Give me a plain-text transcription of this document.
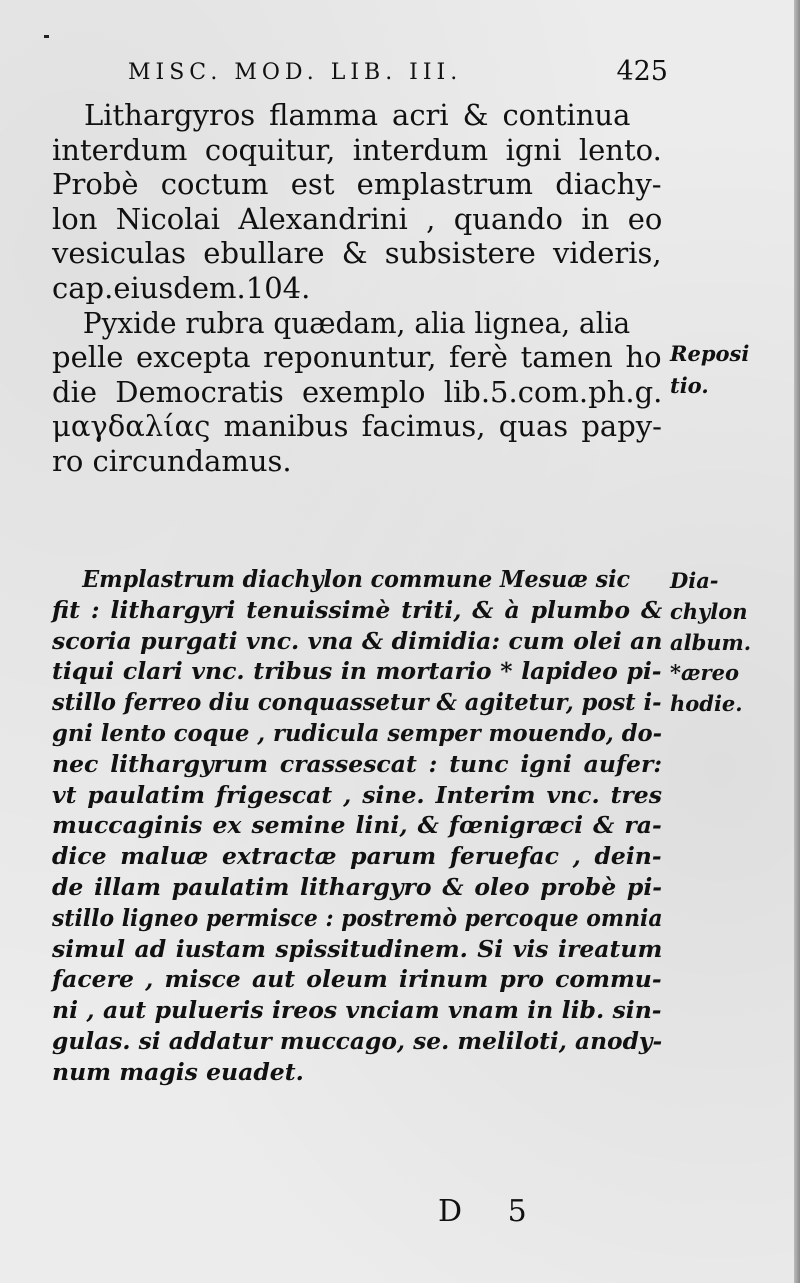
MISC. MOD. LIB. III.	425
Lithargyros flamma acri & continua
interdum coquitur, interdum igni lento.
Probè coctum est emplastrum diachy-
lon Nicolai Alexandrini , quando in eo
vesiculas ebullare & subsistere videris,
cap.eiusdem.104.
Pyxide rubra quædam, alia lignea, alia
pelle excepta reponuntur, ferè tamen ho
die Democratis exemplo lib.5.com.ph.g.
μαγδαλίας manibus facimus, quas papy-
ro circundamus.
Reposi
tio.
Emplastrum diachylon commune Mesuæ sic
fit : lithargyri tenuissimè triti, & à plumbo &
scoria purgati vnc. vna & dimidia: cum olei an
tiqui clari vnc. tribus in mortario * lapideo pi-
stillo ferreo diu conquassetur & agitetur, post i-
gni lento coque , rudicula semper mouendo, do-
nec lithargyrum crassescat : tunc igni aufer:
vt paulatim frigescat , sine. Interim vnc. tres
muccaginis ex semine lini, & fœnigræci & ra-
dice maluæ extractæ parum feruefac , dein-
de illam paulatim lithargyro & oleo probè pi-
stillo ligneo permisce : postremò percoque omnia
simul ad iustam spissitudinem. Si vis ireatum
facere , misce aut oleum irinum pro commu-
ni , aut pulueris ireos vnciam vnam in lib. sin-
gulas. si addatur muccago, se. meliloti, anody-
num magis euadet.
Dia-
chylon
album.
*æreo
hodie.
D 5
